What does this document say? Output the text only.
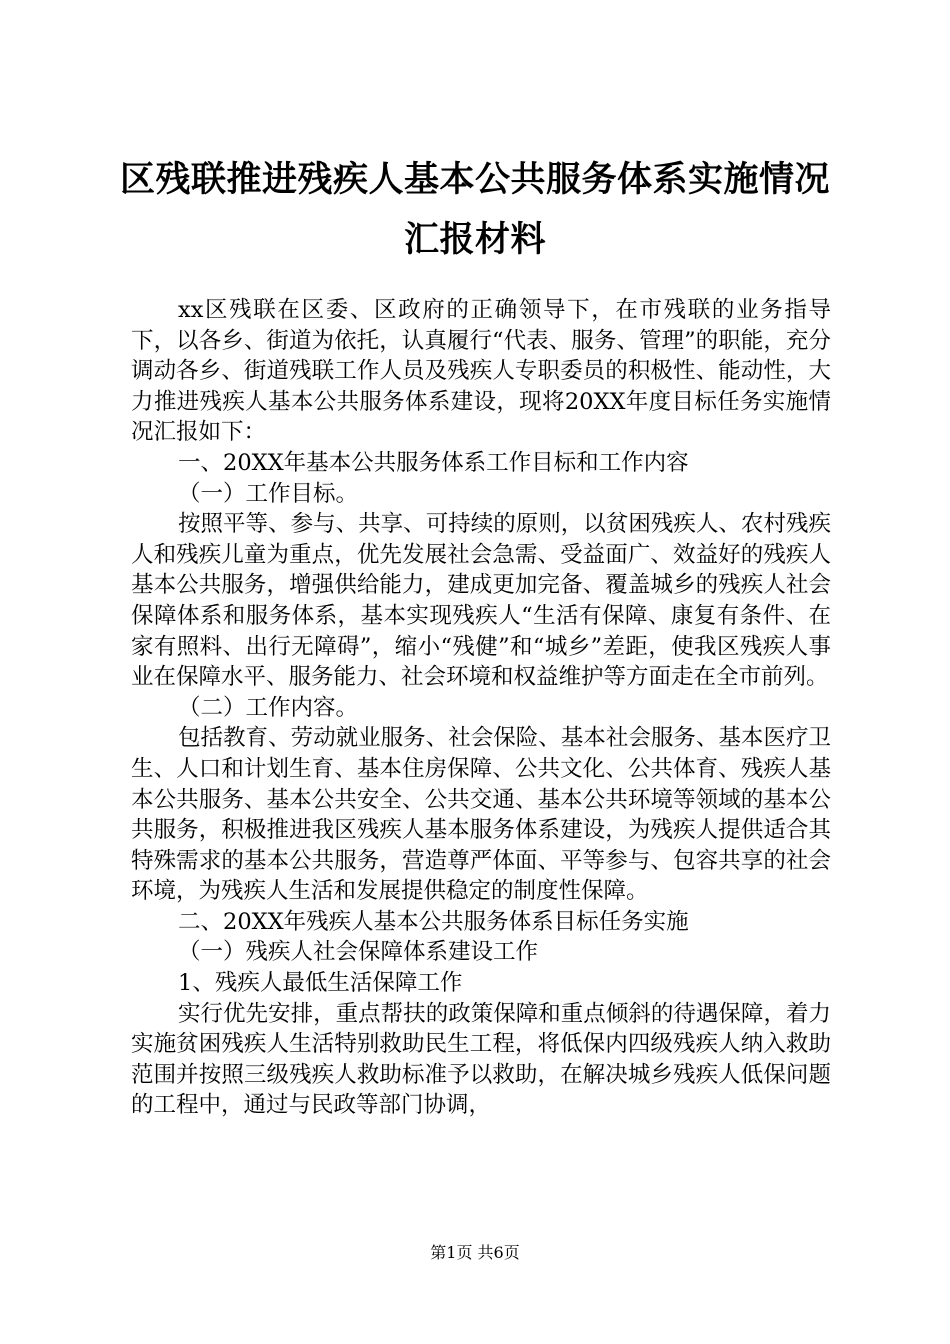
区残联推进残疾人基本公共服务体系实施情况
汇报材料

xx区残联在区委、区政府的正确领导下，在市残联的业务指导下，以各乡、街道为依托，认真履行“代表、服务、管理”的职能，充分调动各乡、街道残联工作人员及残疾人专职委员的积极性、能动性，大力推进残疾人基本公共服务体系建设，现将20XX年度目标任务实施情况汇报如下：

一、20XX年基本公共服务体系工作目标和工作内容

（一）工作目标。

按照平等、参与、共享、可持续的原则，以贫困残疾人、农村残疾人和残疾儿童为重点，优先发展社会急需、受益面广、效益好的残疾人基本公共服务，增强供给能力，建成更加完备、覆盖城乡的残疾人社会保障体系和服务体系，基本实现残疾人“生活有保障、康复有条件、在家有照料、出行无障碍”，缩小“残健”和“城乡”差距，使我区残疾人事业在保障水平、服务能力、社会环境和权益维护等方面走在全市前列。

（二）工作内容。

包括教育、劳动就业服务、社会保险、基本社会服务、基本医疗卫生、人口和计划生育、基本住房保障、公共文化、公共体育、残疾人基本公共服务、基本公共安全、公共交通、基本公共环境等领域的基本公共服务，积极推进我区残疾人基本服务体系建设，为残疾人提供适合其特殊需求的基本公共服务，营造尊严体面、平等参与、包容共享的社会环境，为残疾人生活和发展提供稳定的制度性保障。

二、20XX年残疾人基本公共服务体系目标任务实施

（一）残疾人社会保障体系建设工作

1、残疾人最低生活保障工作

实行优先安排，重点帮扶的政策保障和重点倾斜的待遇保障，着力实施贫困残疾人生活特别救助民生工程，将低保内四级残疾人纳入救助范围并按照三级残疾人救助标准予以救助，在解决城乡残疾人低保问题的工程中，通过与民政等部门协调，

第1页 共6页
